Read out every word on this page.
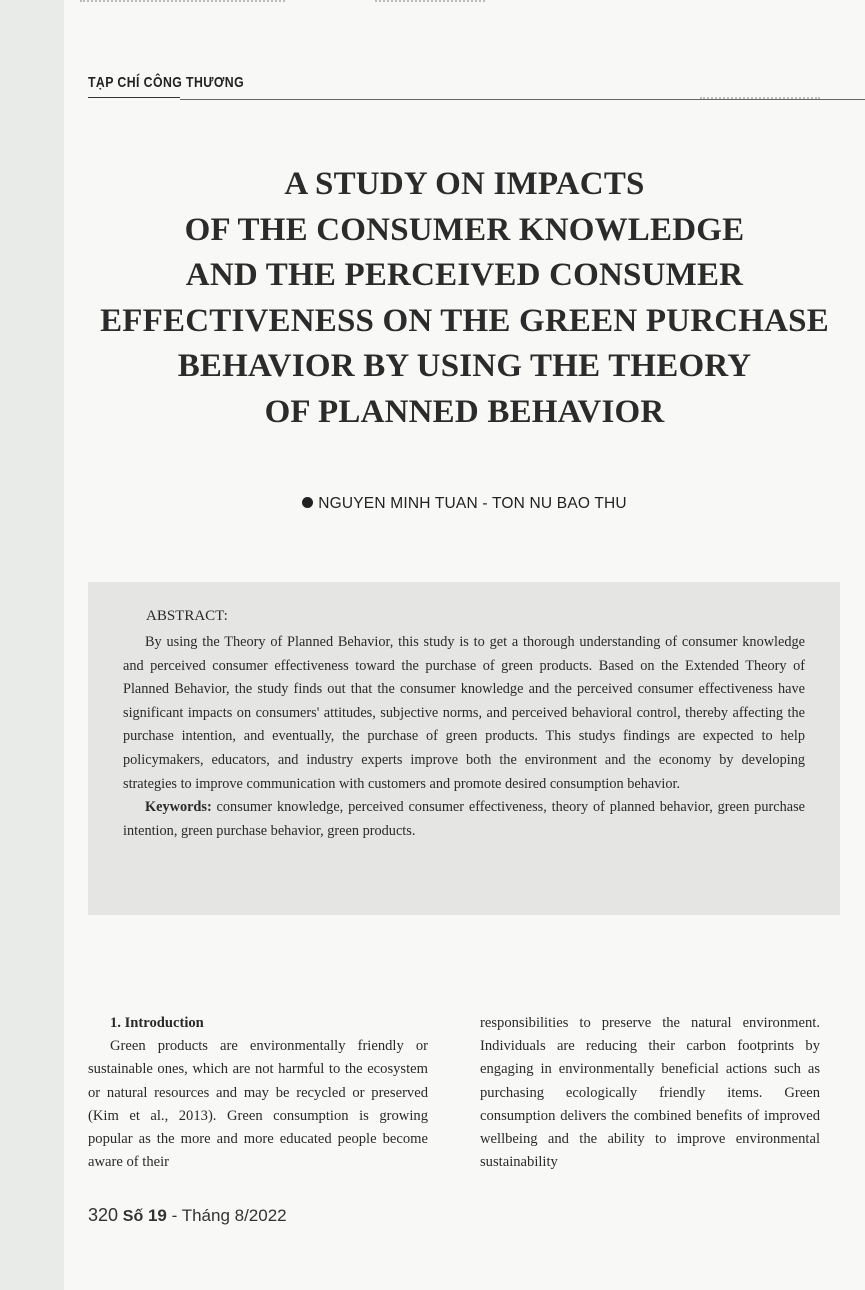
TẠP CHÍ CÔNG THƯƠNG
A STUDY ON IMPACTS
OF THE CONSUMER KNOWLEDGE
AND THE PERCEIVED CONSUMER
EFFECTIVENESS ON THE GREEN PURCHASE
BEHAVIOR BY USING THE THEORY
OF PLANNED BEHAVIOR
NGUYEN MINH TUAN - TON NU BAO THU
ABSTRACT:

By using the Theory of Planned Behavior, this study is to get a thorough understanding of consumer knowledge and perceived consumer effectiveness toward the purchase of green products. Based on the Extended Theory of Planned Behavior, the study finds out that the consumer knowledge and the perceived consumer effectiveness have significant impacts on consumers' attitudes, subjective norms, and perceived behavioral control, thereby affecting the purchase intention, and eventually, the purchase of green products. This studys findings are expected to help policymakers, educators, and industry experts improve both the environment and the economy by developing strategies to improve communication with customers and promote desired consumption behavior.

Keywords: consumer knowledge, perceived consumer effectiveness, theory of planned behavior, green purchase intention, green purchase behavior, green products.

1. Introduction

Green products are environmentally friendly or sustainable ones, which are not harmful to the ecosystem or natural resources and may be recycled or preserved (Kim et al., 2013). Green consumption is growing popular as the more and more educated people become aware of their

responsibilities to preserve the natural environment. Individuals are reducing their carbon footprints by engaging in environmentally beneficial actions such as purchasing ecologically friendly items. Green consumption delivers the combined benefits of improved wellbeing and the ability to improve environmental sustainability

320 Số 19 - Tháng 8/2022
